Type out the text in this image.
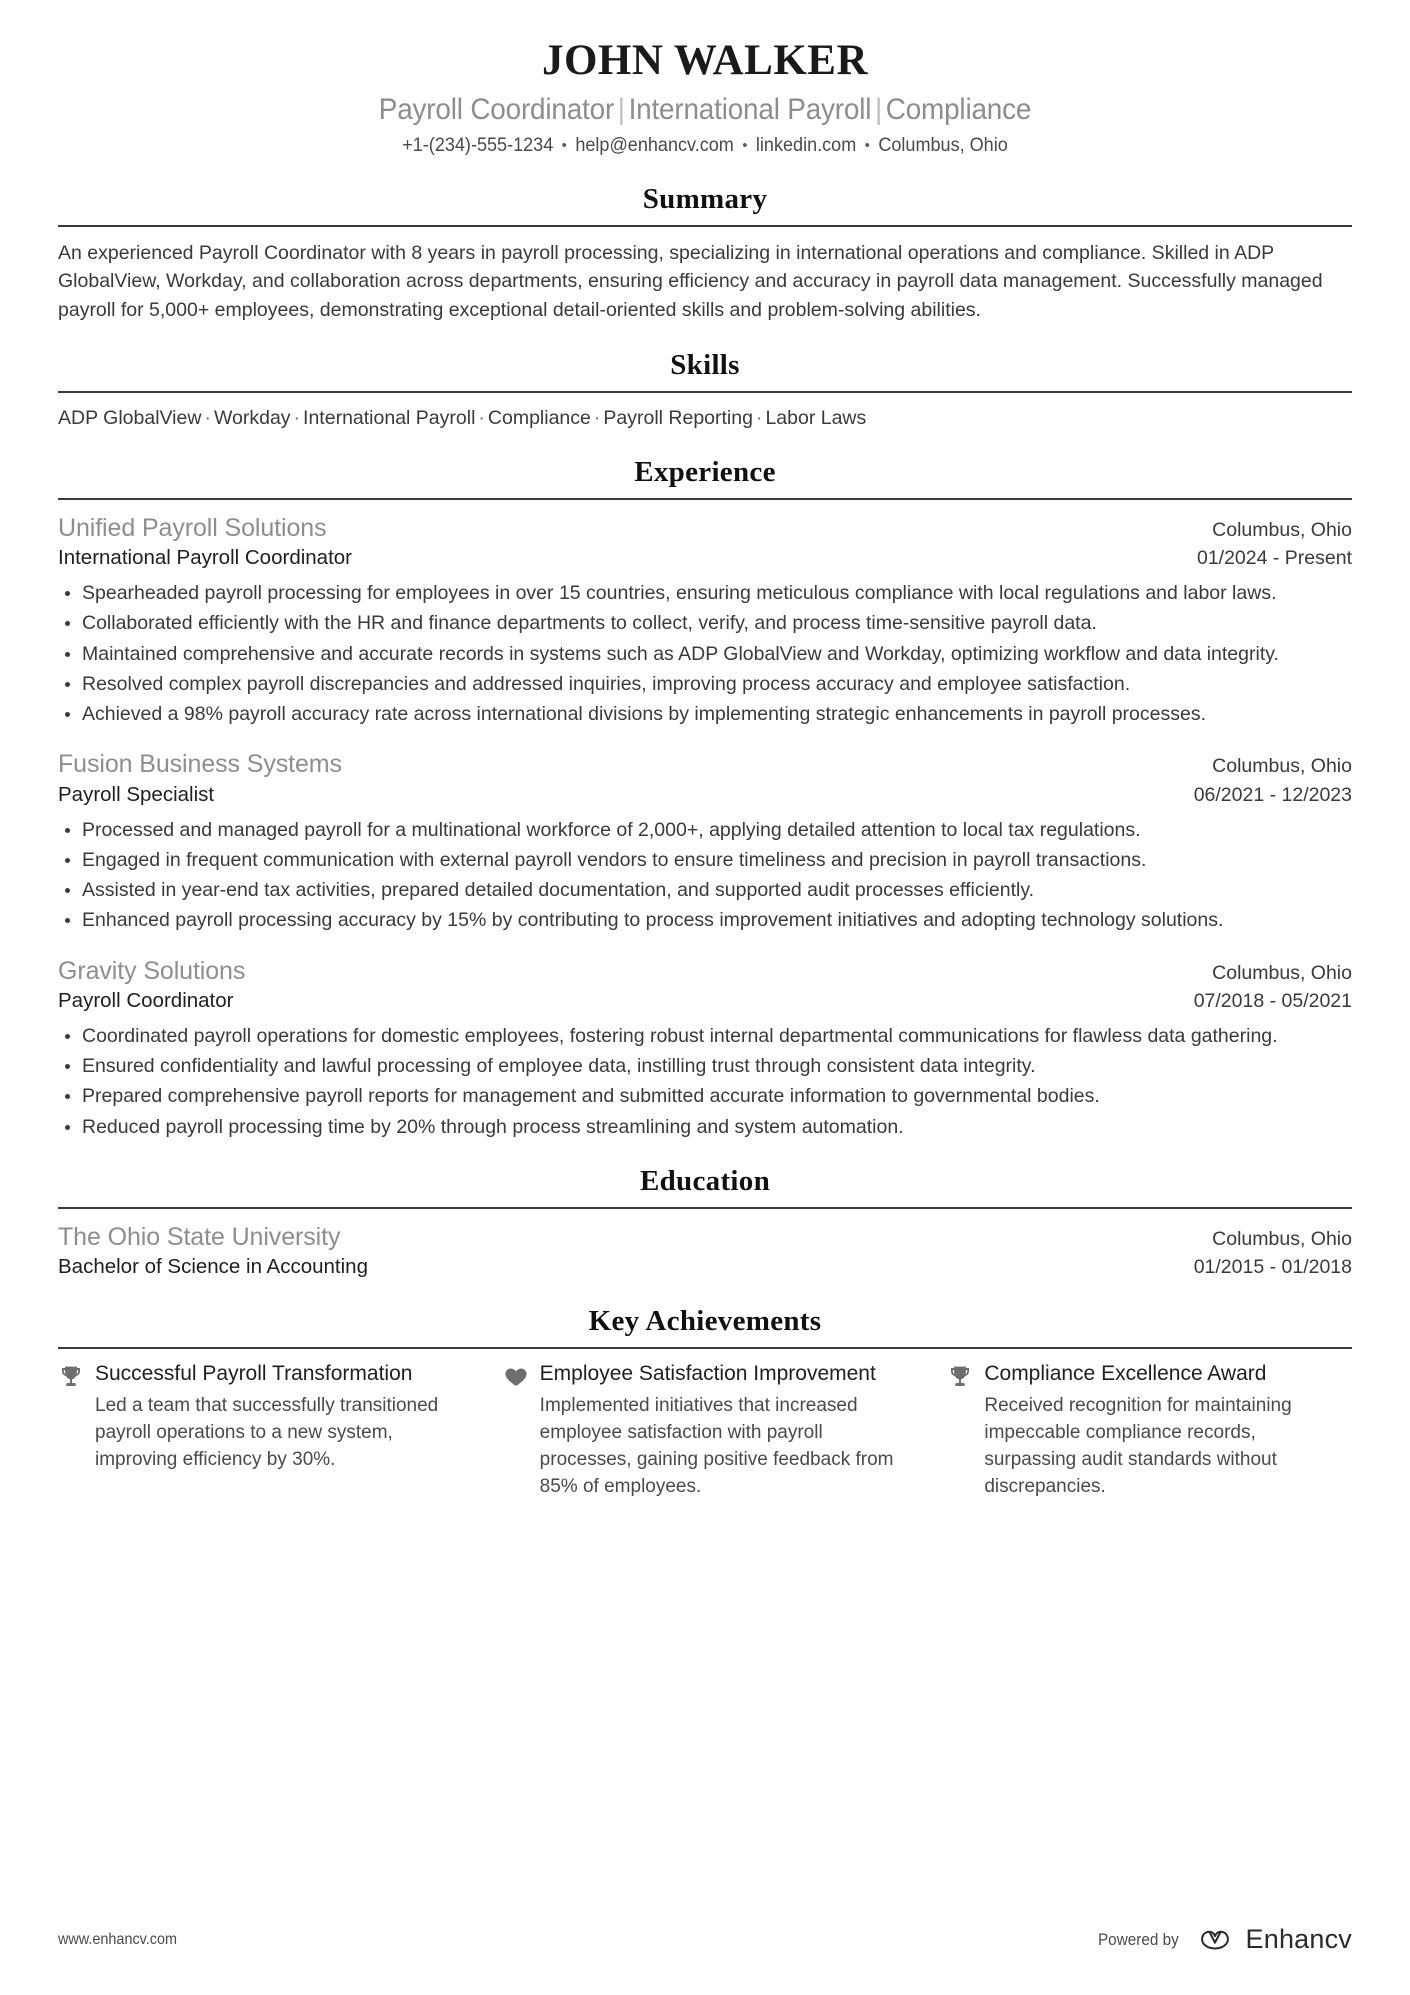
JOHN WALKER
Payroll Coordinator | International Payroll | Compliance
+1-(234)-555-1234 • help@enhancv.com • linkedin.com • Columbus, Ohio
Summary

An experienced Payroll Coordinator with 8 years in payroll processing, specializing in international operations and compliance. Skilled in ADP GlobalView, Workday, and collaboration across departments, ensuring efficiency and accuracy in payroll data management. Successfully managed payroll for 5,000+ employees, demonstrating exceptional detail-oriented skills and problem-solving abilities.

Skills
ADP GlobalView · Workday · International Payroll · Compliance · Payroll Reporting · Labor Laws
Experience
Unified Payroll Solutions	Columbus, Ohio
International Payroll Coordinator	01/2024 - Present
Spearheaded payroll processing for employees in over 15 countries, ensuring meticulous compliance with local regulations and labor laws.
Collaborated efficiently with the HR and finance departments to collect, verify, and process time-sensitive payroll data.
Maintained comprehensive and accurate records in systems such as ADP GlobalView and Workday, optimizing workflow and data integrity.
Resolved complex payroll discrepancies and addressed inquiries, improving process accuracy and employee satisfaction.
Achieved a 98% payroll accuracy rate across international divisions by implementing strategic enhancements in payroll processes.
Fusion Business Systems	Columbus, Ohio
Payroll Specialist	06/2021 - 12/2023
Processed and managed payroll for a multinational workforce of 2,000+, applying detailed attention to local tax regulations.
Engaged in frequent communication with external payroll vendors to ensure timeliness and precision in payroll transactions.
Assisted in year-end tax activities, prepared detailed documentation, and supported audit processes efficiently.
Enhanced payroll processing accuracy by 15% by contributing to process improvement initiatives and adopting technology solutions.
Gravity Solutions	Columbus, Ohio
Payroll Coordinator	07/2018 - 05/2021
Coordinated payroll operations for domestic employees, fostering robust internal departmental communications for flawless data gathering.
Ensured confidentiality and lawful processing of employee data, instilling trust through consistent data integrity.
Prepared comprehensive payroll reports for management and submitted accurate information to governmental bodies.
Reduced payroll processing time by 20% through process streamlining and system automation.
Education
The Ohio State University	Columbus, Ohio
Bachelor of Science in Accounting	01/2015 - 01/2018
Key Achievements
Successful Payroll Transformation
Led a team that successfully transitioned payroll operations to a new system, improving efficiency by 30%.
Employee Satisfaction Improvement
Implemented initiatives that increased employee satisfaction with payroll processes, gaining positive feedback from 85% of employees.
Compliance Excellence Award
Received recognition for maintaining impeccable compliance records, surpassing audit standards without discrepancies.
www.enhancv.com	Powered by Enhancv
